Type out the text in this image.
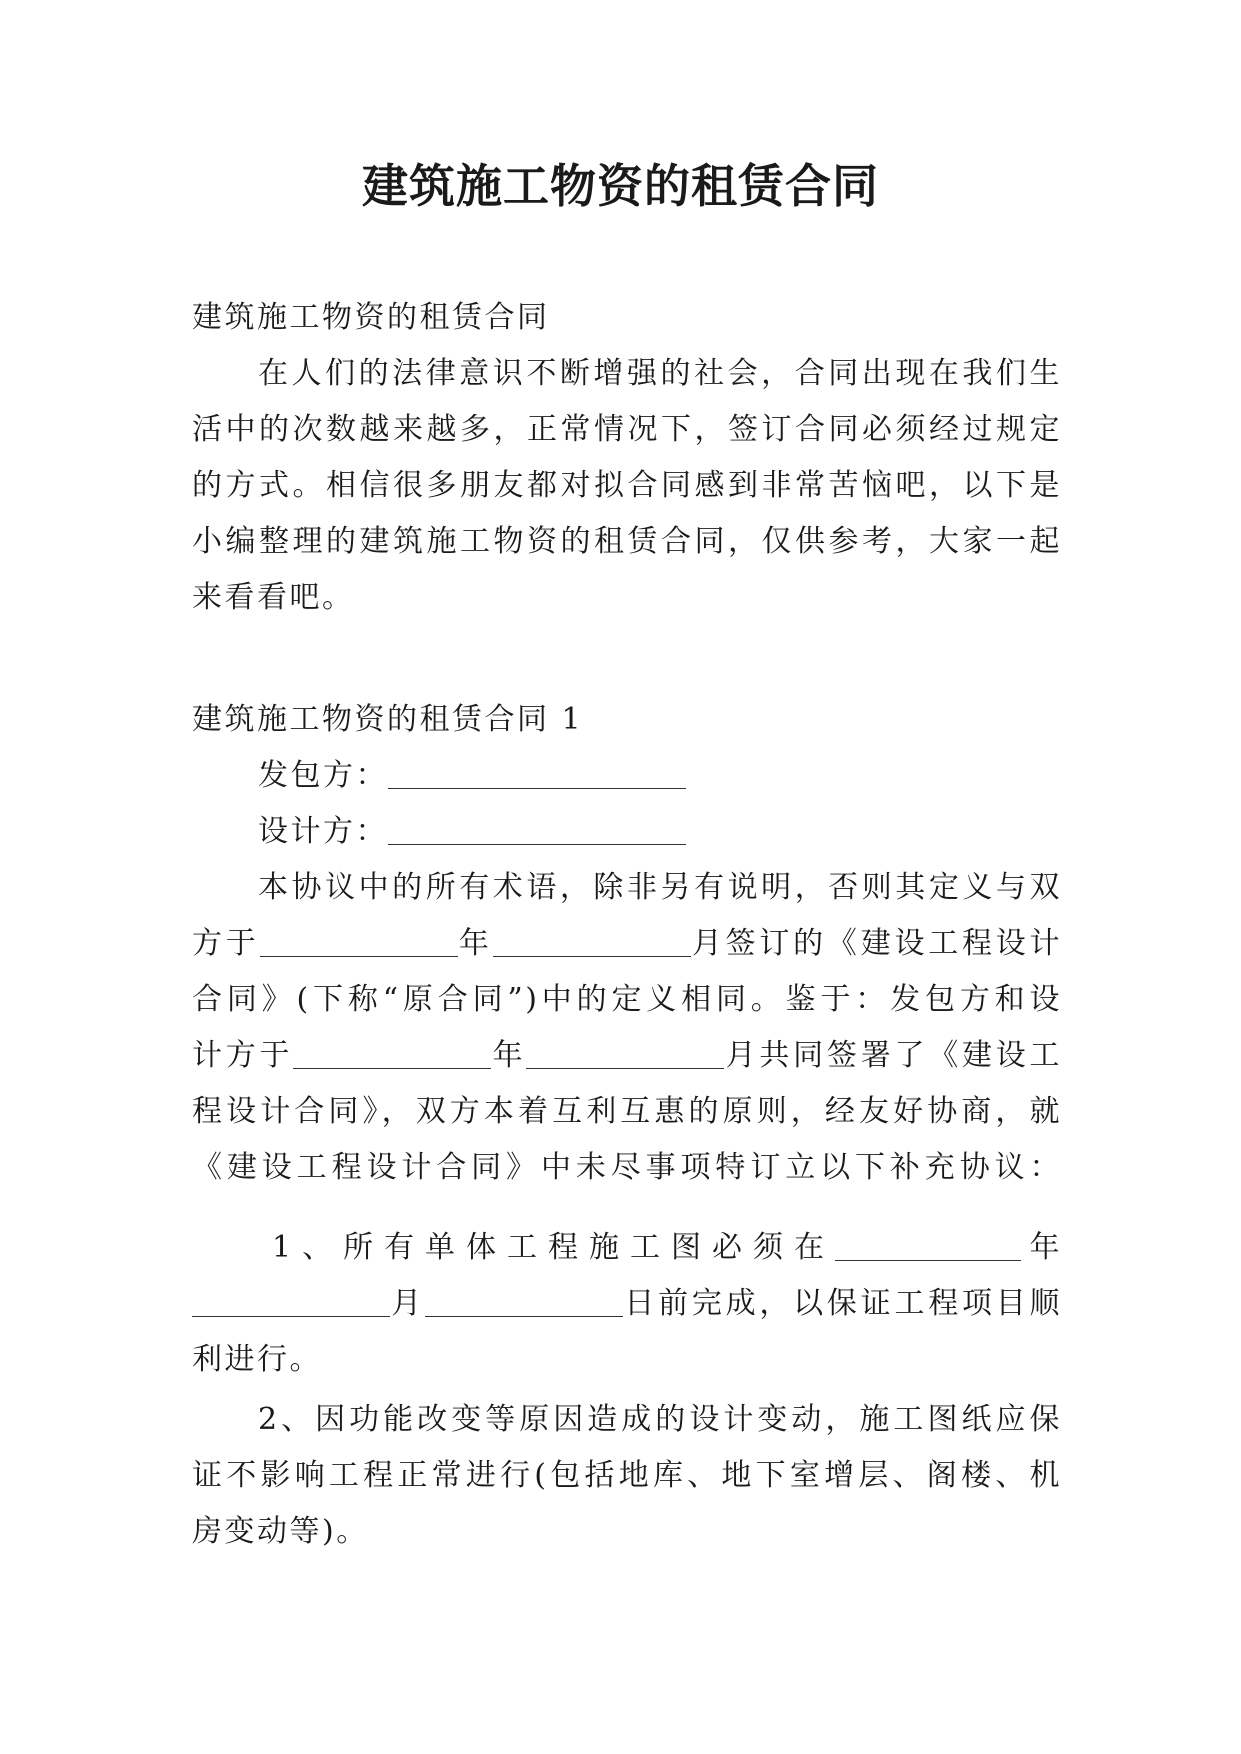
建筑施工物资的租赁合同

建筑施工物资的租赁合同

在人们的法律意识不断增强的社会，合同出现在我们生

活中的次数越来越多，正常情况下，签订合同必须经过规定

的方式。相信很多朋友都对拟合同感到非常苦恼吧，以下是

小编整理的建筑施工物资的租赁合同，仅供参考，大家一起

来看看吧。

建筑施工物资的租赁合同 1

发包方：

设计方：

本协议中的所有术语，除非另有说明，否则其定义与双

方于	年	月签订的《建设工程设计

合同》(下称“原合同”)中的定义相同。鉴于：发包方和设

计方于	年	月共同签署了《建设工

程设计合同》，双方本着互利互惠的原则，经友好协商，就

《建设工程设计合同》中未尽事项特订立以下补充协议：

1、所有单体工程施工图必须在	年

月	日前完成，以保证工程项目顺

利进行。

2、因功能改变等原因造成的设计变动，施工图纸应保

证不影响工程正常进行(包括地库、地下室增层、阁楼、机

房变动等)。
